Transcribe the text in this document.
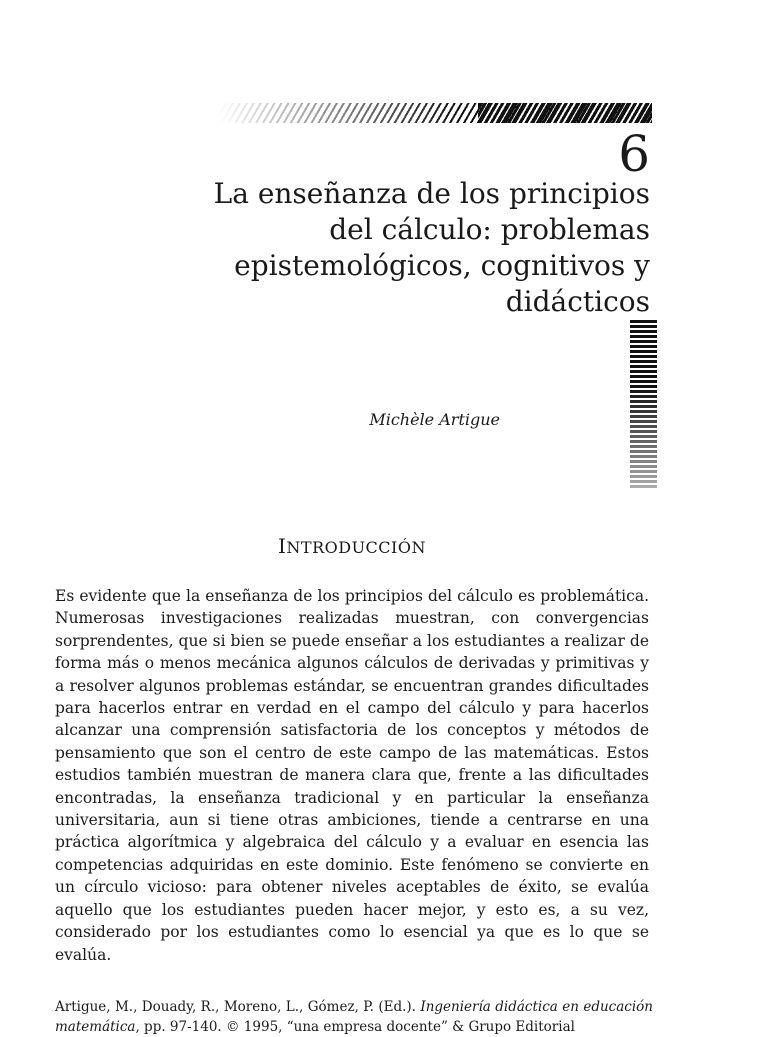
6
La enseñanza de los principios
del cálculo: problemas
epistemológicos, cognitivos y
didácticos
Michèle Artigue
INTRODUCCIÓN

Es evidente que la enseñanza de los principios del cálculo es problemática. Numerosas investigaciones realizadas muestran, con convergencias sorprendentes, que si bien se puede enseñar a los estudiantes a realizar de forma más o menos mecánica algunos cálculos de derivadas y primitivas y a resolver algunos problemas estándar, se encuentran grandes dificultades para hacerlos entrar en verdad en el campo del cálculo y para hacerlos alcanzar una comprensión satisfactoria de los conceptos y métodos de pensamiento que son el centro de este campo de las matemáticas. Estos estudios también muestran de manera clara que, frente a las dificultades encontradas, la enseñanza tradicional y en particular la enseñanza universitaria, aun si tiene otras ambiciones, tiende a centrarse en una práctica algorítmica y algebraica del cálculo y a evaluar en esencia las competencias adquiridas en este dominio. Este fenómeno se convierte en un círculo vicioso: para obtener niveles aceptables de éxito, se evalúa aquello que los estudiantes pueden hacer mejor, y esto es, a su vez, considerado por los estudiantes como lo esencial ya que es lo que se evalúa.

Artigue, M., Douady, R., Moreno, L., Gómez, P. (Ed.). Ingeniería didáctica en educación matemática, pp. 97-140. © 1995, “una empresa docente” & Grupo Editorial
